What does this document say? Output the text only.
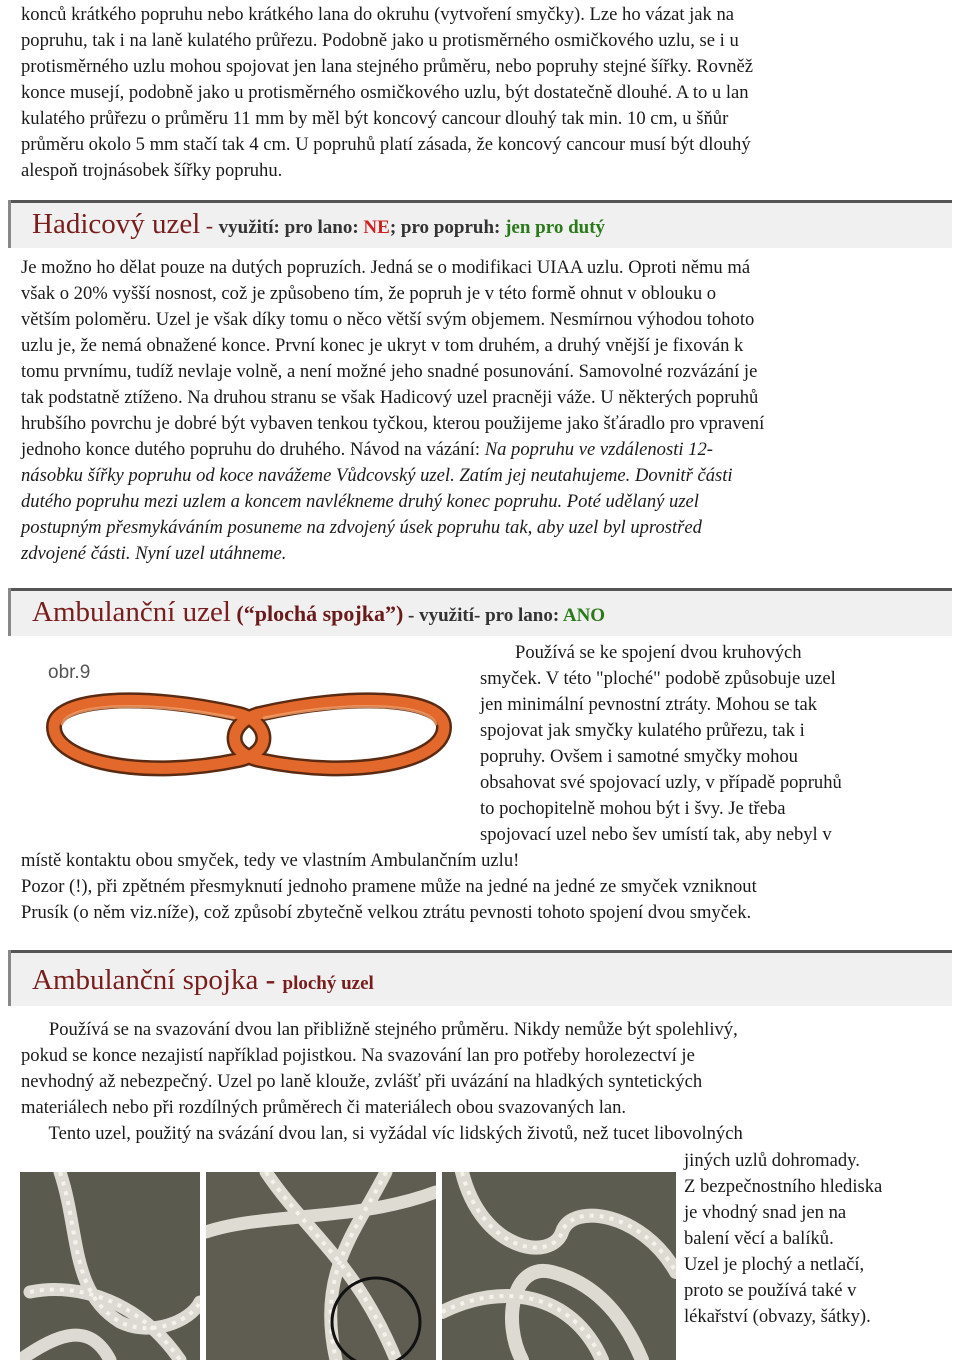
konců krátkého popruhu nebo krátkého lana do okruhu (vytvoření smyčky). Lze ho vázat jak na
popruhu, tak i na laně kulatého průřezu. Podobně jako u protisměrného osmičkového uzlu, se i u
protisměrného uzlu mohou spojovat jen lana stejného průměru, nebo popruhy stejné šířky. Rovněž
konce musejí, podobně jako u protisměrného osmičkového uzlu, být dostatečně dlouhé. A to u lan
kulatého průřezu o průměru 11 mm by měl být koncový cancour dlouhý tak min. 10 cm, u šňůr
průměru okolo 5 mm stačí tak 4 cm. U popruhů platí zásada, že koncový cancour musí být dlouhý
alespoň trojnásobek šířky popruhu.
Hadicový uzel - využití: pro lano: NE; pro popruh: jen pro dutý
Je možno ho dělat pouze na dutých popruzích. Jedná se o modifikaci UIAA uzlu. Oproti němu má
však o 20% vyšší nosnost, což je způsobeno tím, že popruh je v této formě ohnut v oblouku o
větším poloměru. Uzel je však díky tomu o něco větší svým objemem. Nesmírnou výhodou tohoto
uzlu je, že nemá obnažené konce. První konec je ukryt v tom druhém, a druhý vnější je fixován k
tomu prvnímu, tudíž nevlaje volně, a není možné jeho snadné posunování. Samovolné rozvázání je
tak podstatně ztíženo. Na druhou stranu se však Hadicový uzel pracněji váže. U některých popruhů
hrubšího povrchu je dobré být vybaven tenkou tyčkou, kterou použijeme jako šťáradlo pro vpravení
jednoho konce dutého popruhu do druhého. Návod na vázání: Na popruhu ve vzdálenosti 12-
násobku šířky popruhu od koce navážeme Vůdcovský uzel. Zatím jej neutahujeme. Dovnitř části
dutého popruhu mezi uzlem a koncem navlékneme druhý konec popruhu. Poté udělaný uzel
postupným přesmykáváním posuneme na zdvojený úsek popruhu tak, aby uzel byl uprostřed
zdvojené části. Nyní uzel utáhneme.
Ambulanční uzel (“plochá spojka”) - využití- pro lano: ANO
obr.9
Používá se ke spojení dvou kruhových
smyček. V této "ploché" podobě způsobuje uzel
jen minimální pevnostní ztráty. Mohou se tak
spojovat jak smyčky kulatého průřezu, tak i
popruhy. Ovšem i samotné smyčky mohou
obsahovat své spojovací uzly, v případě popruhů
to pochopitelně mohou být i švy. Je třeba
spojovací uzel nebo šev umístí tak, aby nebyl v
místě kontaktu obou smyček, tedy ve vlastním Ambulančním uzlu!
Pozor (!), při zpětném přesmyknutí jednoho pramene může na jedné na jedné ze smyček vzniknout
Prusík (o něm viz.níže), což způsobí zbytečně velkou ztrátu pevnosti tohoto spojení dvou smyček.
Ambulanční spojka - plochý uzel
Používá se na svazování dvou lan přibližně stejného průměru. Nikdy nemůže být spolehlivý,
pokud se konce nezajistí například pojistkou. Na svazování lan pro potřeby horolezectví je
nevhodný až nebezpečný. Uzel po laně klouže, zvlášť při uvázání na hladkých syntetických
materiálech nebo při rozdílných průměrech či materiálech obou svazovaných lan.
Tento uzel, použitý na svázání dvou lan, si vyžádal víc lidských životů, než tucet libovolných
jiných uzlů dohromady.
Z bezpečnostního hlediska
je vhodný snad jen na
balení věcí a balíků.
Uzel je plochý a netlačí,
proto se používá také v
lékařství (obvazy, šátky).
